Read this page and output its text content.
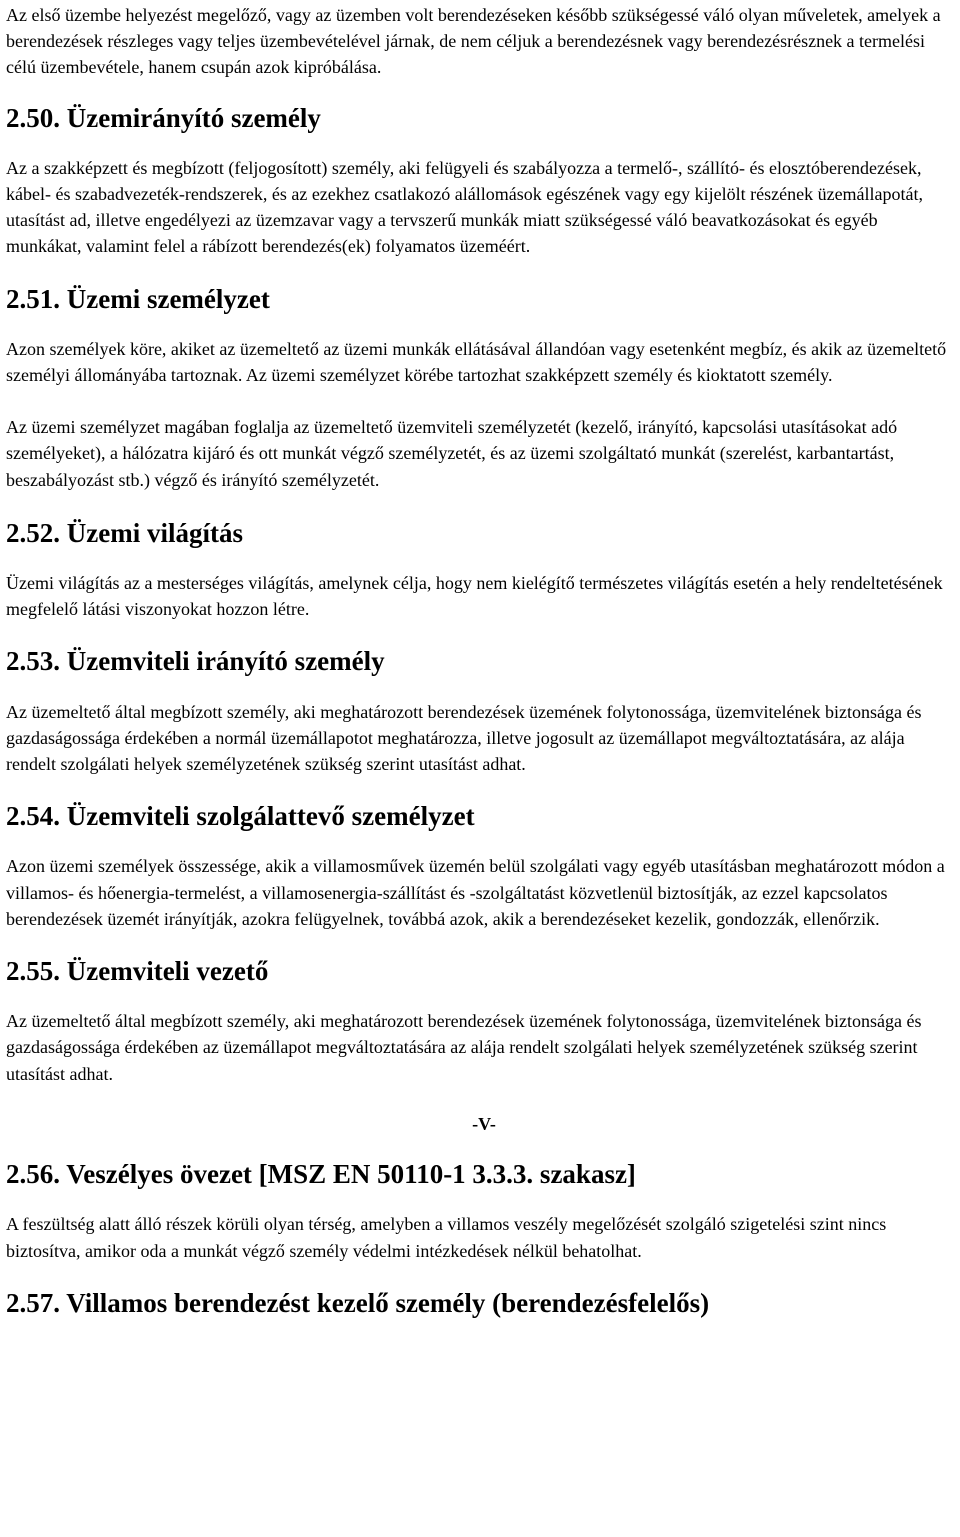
Az első üzembe helyezést megelőző, vagy az üzemben volt berendezéseken később szükségessé váló olyan műveletek, amelyek a berendezések részleges vagy teljes üzembevételével járnak, de nem céljuk a berendezésnek vagy berendezésrésznek a termelési célú üzembevétele, hanem csupán azok kipróbálása.

2.50. Üzemirányító személy

Az a szakképzett és megbízott (feljogosított) személy, aki felügyeli és szabályozza a termelő-, szállító- és elosztóberendezések, kábel- és szabadvezeték-rendszerek, és az ezekhez csatlakozó alállomások egészének vagy egy kijelölt részének üzemállapotát, utasítást ad, illetve engedélyezi az üzemzavar vagy a tervszerű munkák miatt szükségessé váló beavatkozásokat és egyéb munkákat, valamint felel a rábízott berendezés(ek) folyamatos üzeméért.

2.51. Üzemi személyzet

Azon személyek köre, akiket az üzemeltető az üzemi munkák ellátásával állandóan vagy esetenként megbíz, és akik az üzemeltető személyi állományába tartoznak. Az üzemi személyzet körébe tartozhat szakképzett személy és kioktatott személy.

Az üzemi személyzet magában foglalja az üzemeltető üzemviteli személyzetét (kezelő, irányító, kapcsolási utasításokat adó személyeket), a hálózatra kijáró és ott munkát végző személyzetét, és az üzemi szolgáltató munkát (szerelést, karbantartást, beszabályozást stb.) végző és irányító személyzetét.

2.52. Üzemi világítás

Üzemi világítás az a mesterséges világítás, amelynek célja, hogy nem kielégítő természetes világítás esetén a hely rendeltetésének megfelelő látási viszonyokat hozzon létre.

2.53. Üzemviteli irányító személy

Az üzemeltető által megbízott személy, aki meghatározott berendezések üzemének folytonossága, üzemvitelének biztonsága és gazdaságossága érdekében a normál üzemállapotot meghatározza, illetve jogosult az üzemállapot megváltoztatására, az alája rendelt szolgálati helyek személyzetének szükség szerint utasítást adhat.

2.54. Üzemviteli szolgálattevő személyzet

Azon üzemi személyek összessége, akik a villamosművek üzemén belül szolgálati vagy egyéb utasításban meghatározott módon a villamos- és hőenergia-termelést, a villamosenergia-szállítást és -szolgáltatást közvetlenül biztosítják, az ezzel kapcsolatos berendezések üzemét irányítják, azokra felügyelnek, továbbá azok, akik a berendezéseket kezelik, gondozzák, ellenőrzik.

2.55. Üzemviteli vezető

Az üzemeltető által megbízott személy, aki meghatározott berendezések üzemének folytonossága, üzemvitelének biztonsága és gazdaságossága érdekében az üzemállapot megváltoztatására az alája rendelt szolgálati helyek személyzetének szükség szerint utasítást adhat.

-V-

2.56. Veszélyes övezet [MSZ EN 50110-1 3.3.3. szakasz]

A feszültség alatt álló részek körüli olyan térség, amelyben a villamos veszély megelőzését szolgáló szigetelési szint nincs biztosítva, amikor oda a munkát végző személy védelmi intézkedések nélkül behatolhat.

2.57. Villamos berendezést kezelő személy (berendezésfelelős)
